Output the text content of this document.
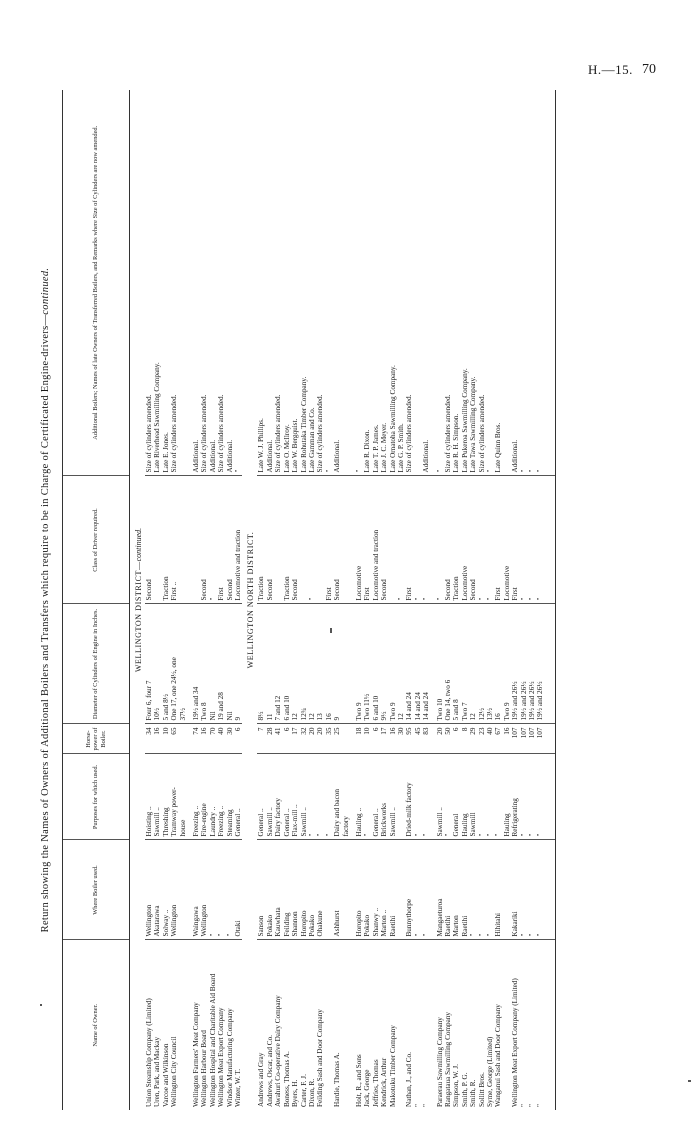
H.—15. 70
Return showing the Names of Owners of Additional Boilers and Transfers which require to be in Charge of Certificated Engine-drivers—continued.
Name of Owner.	Where Boiler used.	Purposes for which used.	Horse-power of Boiler.	Diameter of Cylinders of Engine in Inches.	Class of Driver required.	Additional Boilers; Names of late Owners of Transferred Boilers, and Remarks where Size of Cylinders are now amended.
WELLINGTON DISTRICT—continued.						
Union Steamship Company (Limited)	Wellington	Hoisting ..	34	Four 6, four 7	Second	Size of cylinders amended.
Uren, Park, and Mackay	Akatarawa	Sawmill ..	16	10½		Late Riverhead Sawmilling Company.
Varcoe and Wilkinson	Solway ..	Threshing	10	5 and 8½	Traction	Late E. Jones.
Wellington City Council	Wellington	Tramway power-	65	One 17, one 24½, one	First ..	Size of cylinders amended.
		house		37½		

Wellington Farmers' Meat Company	Waingawa	Freezing ..	74	19½ and 34		Additional.
Wellington Harbour Board	Wellington	Fire-engine	16	Two 8	Second	Size of cylinders amended.
Wellington Hospital and Charitable Aid Board	"	Laundry ..	70	Nil	"	Additional.
Wellington Meat Export Company	"	Freezing ..	40	19 and 28	First	Size of cylinders amended.
Windsor Manufacturing Company	"	Steaming	30	Nil	Second	Additional.
Winter, W. T.	Otaki	General ..	6	9	Locomotive and traction	"
WELLINGTON NORTH DISTRICT.						
Andrews and Gray	Sanson	General ..	7	8½	Traction	Late W. J. Phillips.
Andrews, Oscar, and Co.	Pokako	Sawmill ..	28	11	Second	Additional.
Awahuri Co-operative Dairy Company	Kauwhata	Dairy factory	41	7 and 12		Size of cylinders amended.
Boness, Thomas A.	Feilding	General ..	6	6 and 10	Traction	Late O. McIlroy.
Byers, H.	Shannon	Flax-mill ..	17	12	Second	Late W. Bergquist.
Carter, F. J.	Horopito	Sawmill ..	32	12¾		Late Rohutaka Timber Company.
Dixon, R.	Pokako	"	20	12	"	Late Gamman and Co.
Feilding Sash and Door Company	Ohakune	"	20	13		Size of cylinders amended.
		"	35	16	First	"
Hardie, Thomas A.	Ashhurst	Dairy and bacon	25	9	Second	Additional.
		factory				

Holt, R., and Sons	Horopito	Hauling ..	18	Two 9	Locomotive	"
Jack, George	Pokako	"	10	Two 11½	First	Late R. Dixon.
Jeffries, Thomas	Shanwy ..	General ..	6	6 and 10	Locomotive and traction	Late T. P. James.
Kendrick, Arthur	Marton ..	Brickworks	17	9½	Second	Late J. C. Meyer.
Makotuku Timber Company	Raetihi	Sawmill ..	16	Two 9		Late Ornatoha Sawmilling Company.
			30	12	"	Late G. P. Smith.
Nathan, J., and Co.	Bunnythorpe	Dried-milk factory	95	14 and 24	First	Size of cylinders amended.
"	"	"	45	14 and 24	"	
"	"	"	83	14 and 24	"	Additional.

Paraerau Sawmilling Company	Mangaeturoa	Sawmill ..	20	Two 10	"	"
Rangataua Sawmilling Company	Raetihi	"	50	One 14, two 6	Second	Size of cylinders amended.
Simpson, W. J.	Marton	General	6	5 and 8	Traction	Late R. H. Simpson.
Smith, P. G.	Raetihi	Hauling	8	Two 7	Locomotive	Late Pukeroa Sawmilling Company.
Smith, R.	"	Sawmill	29	12	Second	Late Tawa Sawmilling Company.
Sollitt Bros.	"	"	23	12½	"	Size of cylinders amended.
Syme, George (Limited)	"	"	40	13½	"	"
Wanganui Sash and Door Company	Hihitahi	"	67	16	First	Late Quinn Bros.
		Hauling	16	Two 9	Locomotive	
Wellington Meat Export Company (Limited)	Kakariki	Refrigerating	107	19½ and 26½	First	Additional.
"	"	"	107	19½ and 26½	"	"
"	"	"	107	19½ and 26½	"	"
"	"	"	107	19½ and 26½	"	"
